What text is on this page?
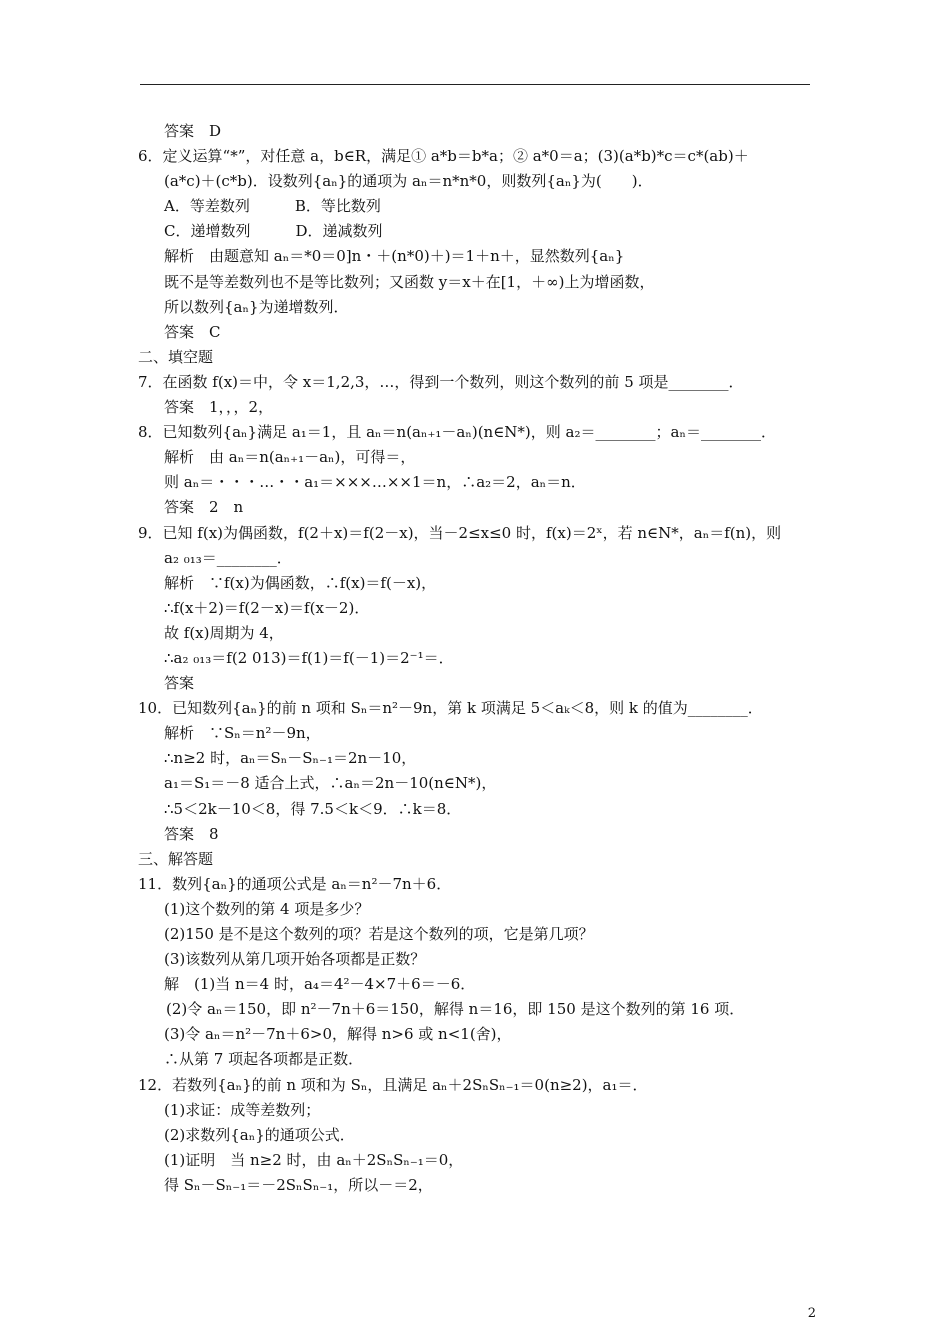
答案　D
6．定义运算“*”，对任意 a，b∈R，满足① a*b＝b*a；② a*0＝a；(3)(a*b)*c＝c*(ab)＋
(a*c)＋(c*b)．设数列{aₙ}的通项为 aₙ＝n*n*0，则数列{aₙ}为(　　)．
A．等差数列　　　B．等比数列
C．递增数列　　　D．递减数列
解析　由题意知 aₙ＝*0＝0]n・＋(n*0)＋)＝1＋n＋，显然数列{aₙ}
既不是等差数列也不是等比数列；又函数 y＝x＋在[1，＋∞)上为增函数，
所以数列{aₙ}为递增数列．
答案　C
二、填空题
7．在函数 f(x)＝中，令 x＝1,2,3，…，得到一个数列，则这个数列的前 5 项是________．
答案　1，，，2，
8．已知数列{aₙ}满足 a₁＝1，且 aₙ＝n(aₙ₊₁－aₙ)(n∈N*)，则 a₂＝________；aₙ＝________．
解析　由 aₙ＝n(aₙ₊₁－aₙ)，可得＝，
则 aₙ＝・・・…・・a₁＝×××…××1＝n，∴a₂＝2，aₙ＝n．
答案　2　n
9．已知 f(x)为偶函数，f(2＋x)＝f(2－x)，当－2≤x≤0 时，f(x)＝2ˣ，若 n∈N*，aₙ＝f(n)，则
a₂ ₀₁₃＝________．
解析　∵f(x)为偶函数，∴f(x)＝f(－x)，
∴f(x＋2)＝f(2－x)＝f(x－2)．
故 f(x)周期为 4，
∴a₂ ₀₁₃＝f(2 013)＝f(1)＝f(－1)＝2⁻¹＝．
答案
10．已知数列{aₙ}的前 n 项和 Sₙ＝n²－9n，第 k 项满足 5＜aₖ＜8，则 k 的值为________．
解析　∵Sₙ＝n²－9n，
∴n≥2 时，aₙ＝Sₙ－Sₙ₋₁＝2n－10，
a₁＝S₁＝－8 适合上式，∴aₙ＝2n－10(n∈N*)，
∴5＜2k－10＜8，得 7.5＜k＜9．∴k＝8．
答案　8
三、解答题
11．数列{aₙ}的通项公式是 aₙ＝n²－7n＋6．
(1)这个数列的第 4 项是多少？
(2)150 是不是这个数列的项？若是这个数列的项，它是第几项？
(3)该数列从第几项开始各项都是正数？
解　(1)当 n＝4 时，a₄＝4²－4×7＋6＝－6．
(2)令 aₙ＝150，即 n²－7n＋6＝150，解得 n＝16，即 150 是这个数列的第 16 项．
(3)令 aₙ＝n²－7n＋6>0，解得 n>6 或 n<1(舍)，
∴从第 7 项起各项都是正数．
12．若数列{aₙ}的前 n 项和为 Sₙ，且满足 aₙ＋2SₙSₙ₋₁＝0(n≥2)，a₁＝．
(1)求证：成等差数列；
(2)求数列{aₙ}的通项公式．
(1)证明　当 n≥2 时，由 aₙ＋2SₙSₙ₋₁＝0，
得 Sₙ－Sₙ₋₁＝－2SₙSₙ₋₁，所以－＝2，
2
